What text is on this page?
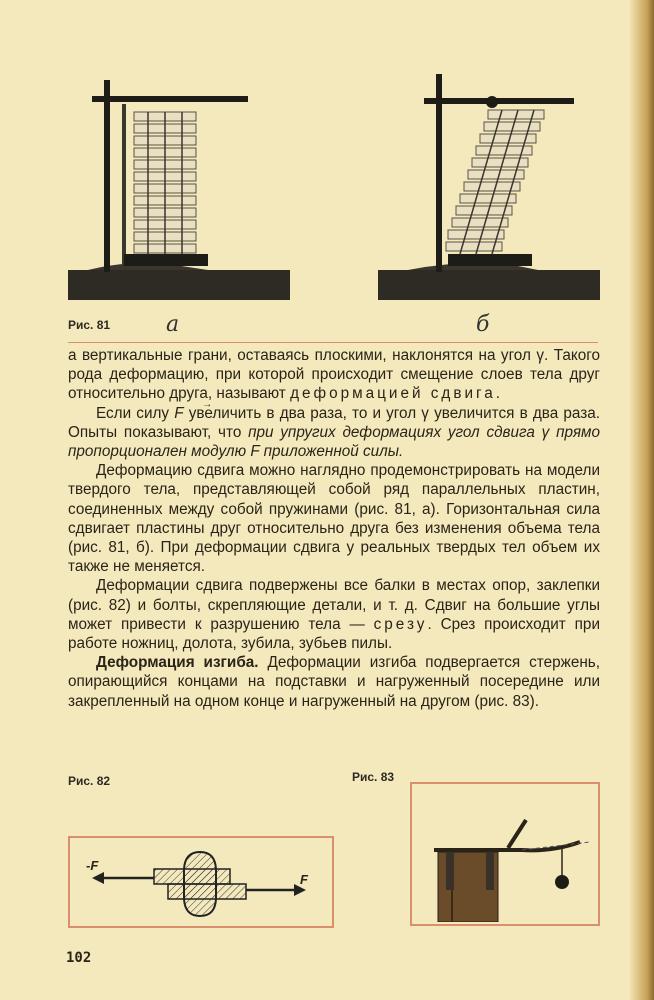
Рис. 81	а	б

а вертикальные грани, оставаясь плоскими, наклонятся на угол γ. Такого рода деформацию, при которой происходит смещение слоев тела друг относительно друга, называют деформацией сдвига.

Если силу → F увеличить в два раза, то и угол γ увеличится в два раза. Опыты показывают, что при упругих деформациях угол сдвига γ прямо пропорционален модулю F приложенной силы.

Деформацию сдвига можно наглядно продемонстрировать на модели твердого тела, представляющей собой ряд параллельных пластин, соединенных между собой пружинами (рис. 81, а). Горизонтальная сила сдвигает пластины друг относительно друга без изменения объема тела (рис. 81, б). При деформации сдвига у реальных твердых тел объем их также не меняется.

Деформации сдвига подвержены все балки в местах опор, заклепки (рис. 82) и болты, скрепляющие детали, и т. д. Сдвиг на большие углы может привести к разрушению тела — срезу. Срез происходит при работе ножниц, долота, зубила, зубьев пилы.

Деформация изгиба. Деформации изгиба подвергается стержень, опирающийся концами на подставки и нагруженный посередине или закрепленный на одном конце и нагруженный на другом (рис. 83).

Рис. 82
-F
F
Рис. 83
102
